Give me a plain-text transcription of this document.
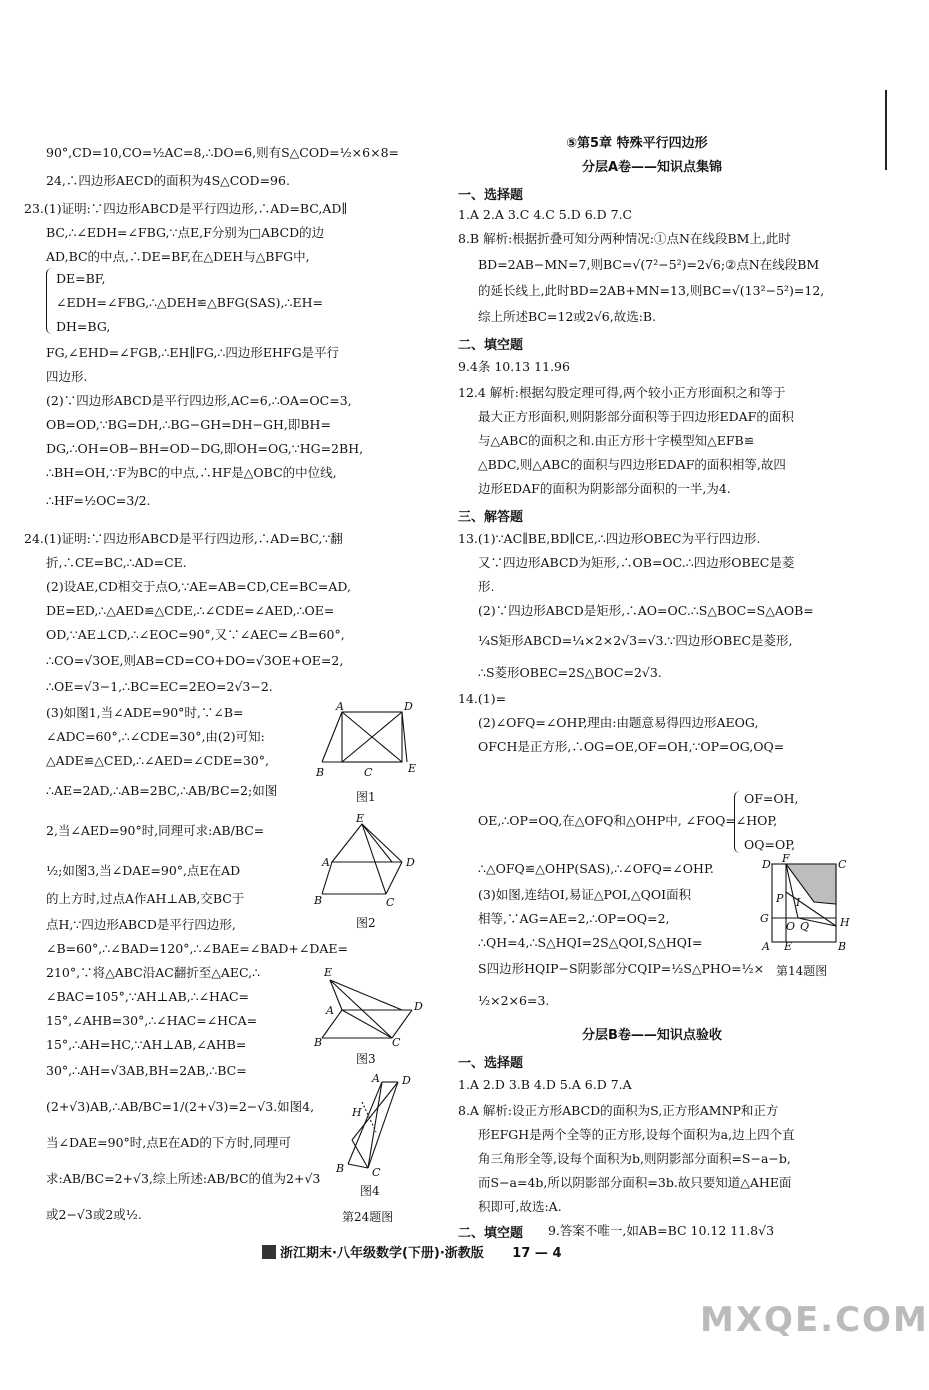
90°,CD=10,CO=½AC=8,∴DO=6,则有S△COD=½×6×8=
24,∴四边形AECD的面积为4S△COD=96.
23.(1)证明:∵四边形ABCD是平行四边形,∴AD=BC,AD∥
BC,∴∠EDH=∠FBG,∵点E,F分别为□ABCD的边
AD,BC的中点,∴DE=BF,在△DEH与△BFG中,
DE=BF,
∠EDH=∠FBG,∴△DEH≌△BFG(SAS),∴EH=
DH=BG,
FG,∠EHD=∠FGB,∴EH∥FG,∴四边形EHFG是平行
四边形.
(2)∵四边形ABCD是平行四边形,AC=6,∴OA=OC=3,
OB=OD,∵BG=DH,∴BG−GH=DH−GH,即BH=
DG,∴OH=OB−BH=OD−DG,即OH=OG,∵HG=2BH,
∴BH=OH,∵F为BC的中点,∴HF是△OBC的中位线,
∴HF=½OC=3/2.
24.(1)证明:∵四边形ABCD是平行四边形,∴AD=BC,∵翻
折,∴CE=BC,∴AD=CE.
(2)设AE,CD相交于点O,∵AE=AB=CD,CE=BC=AD,
DE=ED,∴△AED≌△CDE,∴∠CDE=∠AED,∴OE=
OD,∵AE⊥CD,∴∠EOC=90°,又∵∠AEC=∠B=60°,
∴CO=√3OE,则AB=CD=CO+DO=√3OE+OE=2,
∴OE=√3−1,∴BC=EC=2EO=2√3−2.
(3)如图1,当∠ADE=90°时,∵∠B=
∠ADC=60°,∴∠CDE=30°,由(2)可知:
△ADE≌△CED,∴∠AED=∠CDE=30°,
∴AE=2AD,∴AB=2BC,∴AB/BC=2;如图
2,当∠AED=90°时,同理可求:AB/BC=
½;如图3,当∠DAE=90°,点E在AD
的上方时,过点A作AH⊥AB,交BC于
点H,∵四边形ABCD是平行四边形,
∠B=60°,∴∠BAD=120°,∴∠BAE=∠BAD+∠DAE=
210°,∵将△ABC沿AC翻折至△AEC,∴
∠BAC=105°,∵AH⊥AB,∴∠HAC=
15°,∠AHB=30°,∴∠HAC=∠HCA=
15°,∴AH=HC,∵AH⊥AB,∠AHB=
30°,∴AH=√3AB,BH=2AB,∴BC=
(2+√3)AB,∴AB/BC=1/(2+√3)=2−√3.如图4,
当∠DAE=90°时,点E在AD的下方时,同理可
求:AB/BC=2+√3,综上所述:AB/BC的值为2+√3
或2−√3或2或½.
A	D
B	C	E
图1
E
A	D
B	C
图2
E
A	D
B	C
图3
A D
H
B	C
图4
第24题图
⑤第5章 特殊平行四边形
分层A卷——知识点集锦
一、选择题
1.A 2.A 3.C 4.C 5.D 6.D 7.C
8.B 解析:根据折叠可知分两种情况:①点N在线段BM上,此时
BD=2AB−MN=7,则BC=√(7²−5²)=2√6;②点N在线段BM
的延长线上,此时BD=2AB+MN=13,则BC=√(13²−5²)=12,
综上所述BC=12或2√6,故选:B.
二、填空题
9.4条 10.13 11.96
12.4 解析:根据勾股定理可得,两个较小正方形面积之和等于
最大正方形面积,则阴影部分面积等于四边形EDAF的面积
与△ABC的面积之和.由正方形十字模型知△EFB≌
△BDC,则△ABC的面积与四边形EDAF的面积相等,故四
边形EDAF的面积为阴影部分面积的一半,为4.
三、解答题
13.(1)∵AC∥BE,BD∥CE,∴四边形OBEC为平行四边形.
又∵四边形ABCD为矩形,∴OB=OC.∴四边形OBEC是菱
形.
(2)∵四边形ABCD是矩形,∴AO=OC.∴S△BOC=S△AOB=
¼S矩形ABCD=¼×2×2√3=√3.∵四边形OBEC是菱形,
∴S菱形OBEC=2S△BOC=2√3.
14.(1)=
(2)∠OFQ=∠OHP,理由:由题意易得四边形AEOG,
OFCH是正方形,∴OG=OE,OF=OH,∵OP=OG,OQ=
OF=OH,
OE,∴OP=OQ,在△OFQ和△OHP中, ∠FOQ=∠HOP,
OQ=OP,
∴△OFQ≌△OHP(SAS),∴∠OFQ=∠OHP.
(3)如图,连结OI,易证△POI,△QOI面积
相等,∵AG=AE=2,∴OP=OQ=2,
∴QH=4,∴S△HQI=2S△QOI,S△HQI=
S四边形HQIP−S阴影部分CQIP=½S△PHO=½×
½×2×6=3.
D F	C
P I
H
G
O Q
A E	B
第14题图
分层B卷——知识点验收
一、选择题
1.A 2.D 3.B 4.D 5.A 6.D 7.A
8.A 解析:设正方形ABCD的面积为S,正方形AMNP和正方
形EFGH是两个全等的正方形,设每个面积为a,边上四个直
角三角形全等,设每个面积为b,则阴影部分面积=S−a−b,
而S−a=4b,所以阴影部分面积=3b.故只要知道△AHE面
积即可,故选:A.
二、填空题 9.答案不唯一,如AB=BC 10.12 11.8√3
浙江期末·八年级数学(下册)·浙教版 17 — 4
MXQE.COM
